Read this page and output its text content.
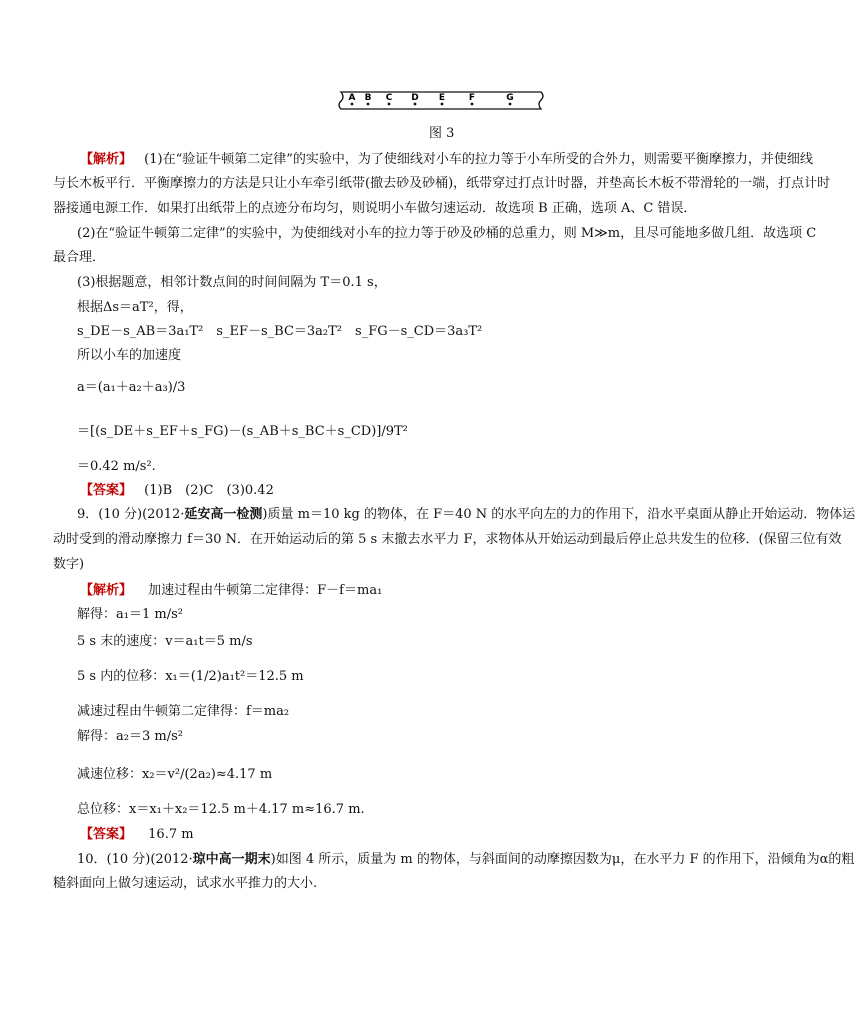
A B C D E	F	G
图 3
【解析】 (1)在“验证牛顿第二定律”的实验中，为了使细线对小车的拉力等于小车所受的合外力，则需要平衡摩擦力，并使细线
与长木板平行．平衡摩擦力的方法是只让小车牵引纸带(撤去砂及砂桶)，纸带穿过打点计时器，并垫高长木板不带滑轮的一端，打点计时
器接通电源工作．如果打出纸带上的点迹分布均匀，则说明小车做匀速运动．故选项 B 正确，选项 A、C 错误．
(2)在“验证牛顿第二定律”的实验中，为使细线对小车的拉力等于砂及砂桶的总重力，则 M≫m，且尽可能地多做几组．故选项 C
最合理．
(3)根据题意，相邻计数点间的时间间隔为 T＝0.1 s，
根据Δs＝aT²，得，
s_DE－s_AB＝3a₁T²　s_EF－s_BC＝3a₂T²　s_FG－s_CD＝3a₃T²
所以小车的加速度
a＝(a₁＋a₂＋a₃)/3
＝[(s_DE＋s_EF＋s_FG)－(s_AB＋s_BC＋s_CD)]/9T²
＝0.42 m/s².
【答案】 (1)B　(2)C　(3)0.42
9．(10 分)(2012·延安高一检测)质量 m＝10 kg 的物体，在 F＝40 N 的水平向左的力的作用下，沿水平桌面从静止开始运动．物体运
动时受到的滑动摩擦力 f＝30 N．在开始运动后的第 5 s 末撤去水平力 F，求物体从开始运动到最后停止总共发生的位移．(保留三位有效
数字)
【解析】 加速过程由牛顿第二定律得：F－f＝ma₁
解得：a₁＝1 m/s²
5 s 末的速度：v＝a₁t＝5 m/s
5 s 内的位移：x₁＝(1/2)a₁t²＝12.5 m
减速过程由牛顿第二定律得：f＝ma₂
解得：a₂＝3 m/s²
减速位移：x₂＝v²/(2a₂)≈4.17 m
总位移：x＝x₁＋x₂＝12.5 m＋4.17 m≈16.7 m.
【答案】 16.7 m
10．(10 分)(2012·琼中高一期末)如图 4 所示，质量为 m 的物体，与斜面间的动摩擦因数为μ，在水平力 F 的作用下，沿倾角为α的粗
糙斜面向上做匀速运动，试求水平推力的大小.
